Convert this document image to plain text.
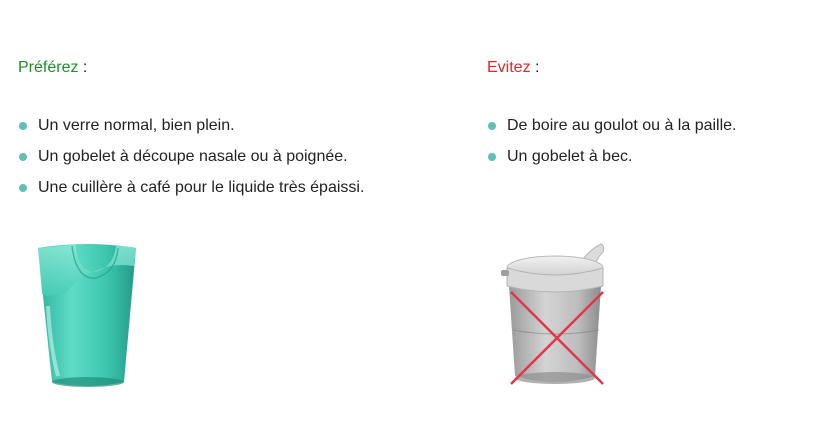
Préférez :
Un verre normal, bien plein.
Un gobelet à découpe nasale ou à poignée.
Une cuillère à café pour le liquide très épaissi.
Evitez :
De boire au goulot ou à la paille.
Un gobelet à bec.
